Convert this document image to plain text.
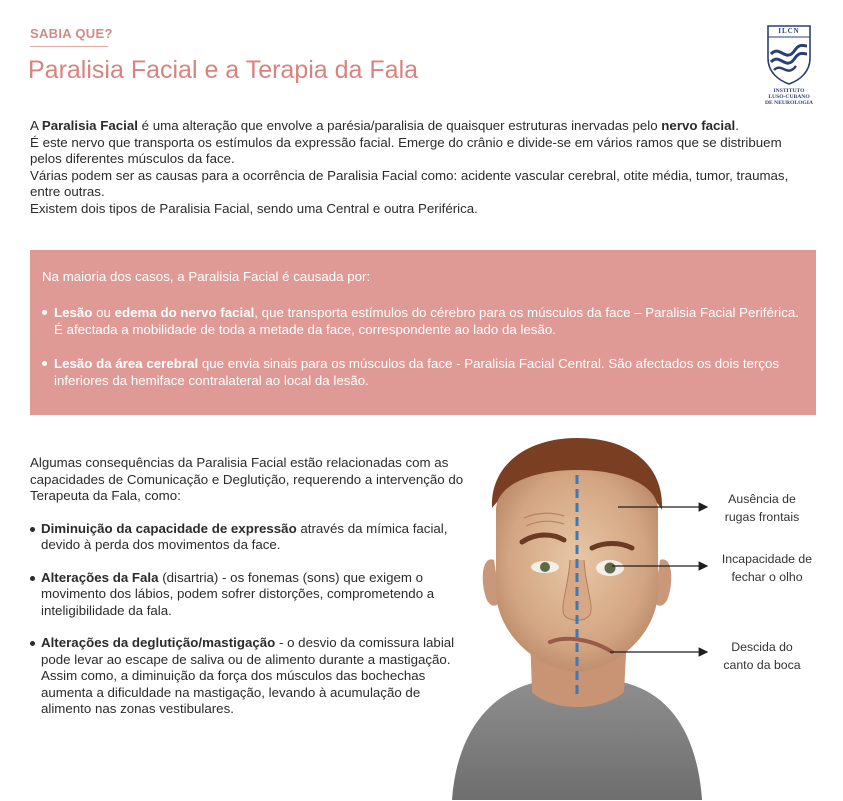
SABIA QUE?
Paralisia Facial e a Terapia da Fala
ILCN
INSTITUTO
LUSO-CUBANO
DE NEUROLOGIA

A Paralisia Facial é uma alteração que envolve a parésia/paralisia de quaisquer estruturas inervadas pelo nervo facial.
É este nervo que transporta os estímulos da expressão facial. Emerge do crânio e divide-se em vários ramos que se distribuem pelos diferentes músculos da face.

Várias podem ser as causas para a ocorrência de Paralisia Facial como: acidente vascular cerebral, otite média, tumor, traumas, entre outras.

Existem dois tipos de Paralisia Facial, sendo uma Central e outra Periférica.

Na maioria dos casos, a Paralisia Facial é causada por:

Lesão ou edema do nervo facial, que transporta estímulos do cérebro para os músculos da face – Paralisia Facial Periférica. É afectada a mobilidade de toda a metade da face, correspondente ao lado da lesão.
Lesão da área cerebral que envia sinais para os músculos da face - Paralisia Facial Central. São afectados os dois terços inferiores da hemiface contralateral ao local da lesão.

Algumas consequências da Paralisia Facial estão relacionadas com as capacidades de Comunicação e Deglutição, requerendo a intervenção do Terapeuta da Fala, como:

Diminuição da capacidade de expressão através da mímica facial, devido à perda dos movimentos da face.
Alterações da Fala (disartria) - os fonemas (sons) que exigem o movimento dos lábios, podem sofrer distorções, comprometendo a inteligibilidade da fala.
Alterações da deglutição/mastigação - o desvio da comissura labial pode levar ao escape de saliva ou de alimento durante a mastigação. Assim como, a diminuição da força dos músculos das bochechas aumenta a dificuldade na mastigação, levando à acumulação de alimento nas zonas vestibulares.
Ausência de
rugas frontais
Incapacidade de
fechar o olho
Descida do
canto da boca
